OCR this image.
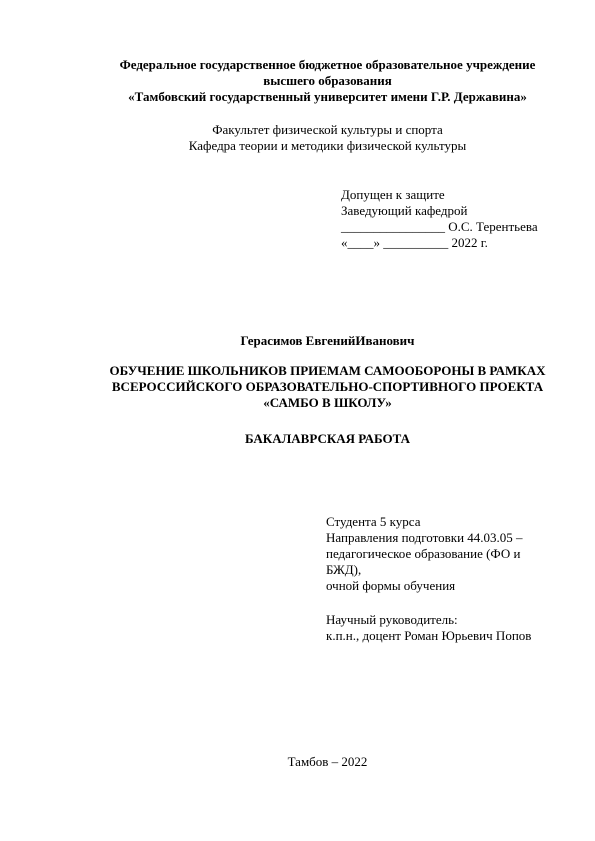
Федеральное государственное бюджетное образовательное учреждение
высшего образования
«Тамбовский государственный университет имени Г.Р. Державина»
Факультет физической культуры и спорта
Кафедра теории и методики физической культуры
Допущен к защите
Заведующий кафедрой
________________ О.С. Терентьева
«____» __________ 2022 г.
Герасимов ЕвгенийИванович
ОБУЧЕНИЕ ШКОЛЬНИКОВ ПРИЕМАМ САМООБОРОНЫ В РАМКАХ
ВСЕРОССИЙСКОГО ОБРАЗОВАТЕЛЬНО-СПОРТИВНОГО ПРОЕКТА
«САМБО В ШКОЛУ»
БАКАЛАВРСКАЯ РАБОТА
Студента 5 курса
Направления подготовки 44.03.05 –
педагогическое образование (ФО и
БЖД),
очной формы обучения
Научный руководитель:
к.п.н., доцент Роман Юрьевич Попов
Тамбов – 2022
